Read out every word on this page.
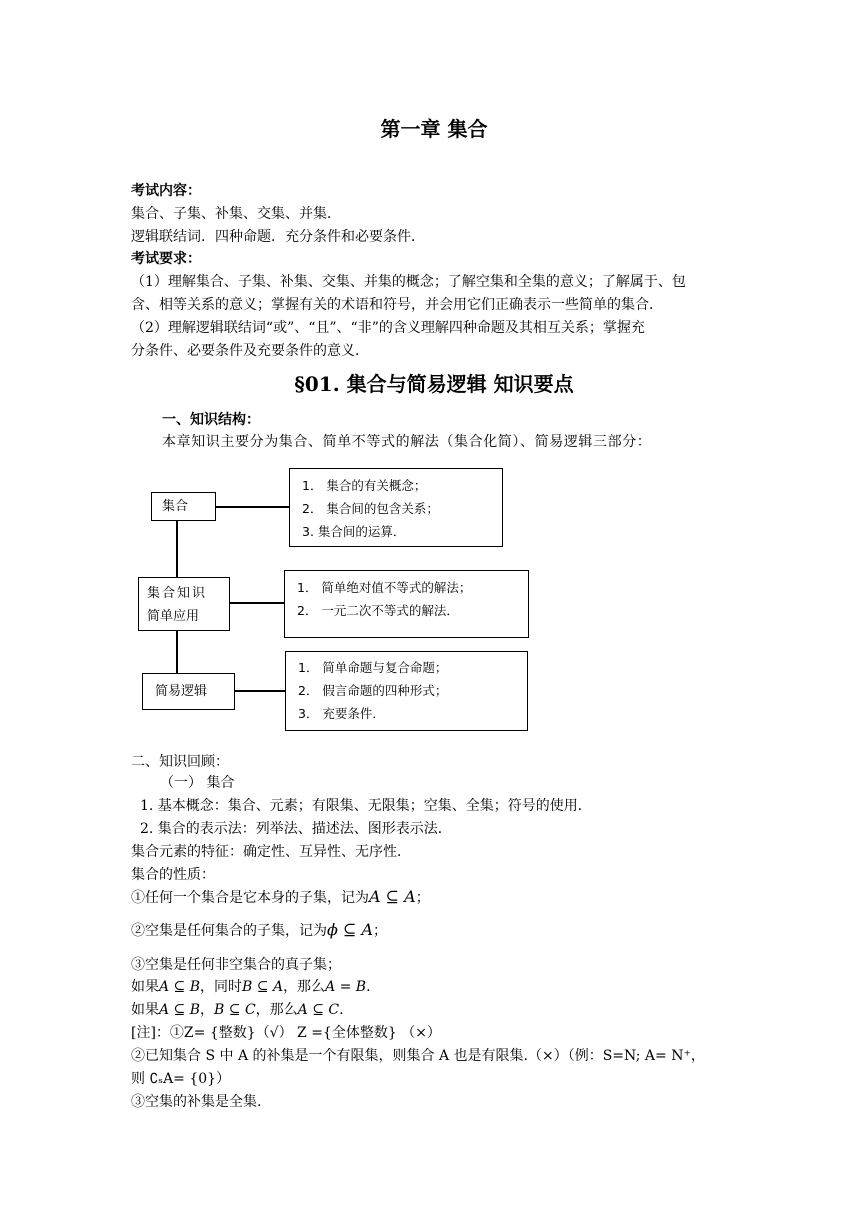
第一章 集合
考试内容：
集合、子集、补集、交集、并集．
逻辑联结词．四种命题．充分条件和必要条件．
考试要求：
（1）理解集合、子集、补集、交集、并集的概念；了解空集和全集的意义；了解属于、包
含、相等关系的意义；掌握有关的术语和符号，并会用它们正确表示一些简单的集合．
（2）理解逻辑联结词“或”、“且”、“非”的含义理解四种命题及其相互关系；掌握充
分条件、必要条件及充要条件的意义．
§01. 集合与简易逻辑 知识要点
一、知识结构：
本章知识主要分为集合、简单不等式的解法（集合化简）、简易逻辑三部分：
集合
1． 集合的有关概念；
2． 集合间的包含关系；
3. 集合间的运算．
集合知识
简单应用
1． 简单绝对值不等式的解法；
2． 一元二次不等式的解法．
简易逻辑
1． 简单命题与复合命题；
2． 假言命题的四种形式；
3． 充要条件．
二、知识回顾：
（一） 集合
1. 基本概念：集合、元素；有限集、无限集；空集、全集；符号的使用．
2. 集合的表示法：列举法、描述法、图形表示法．
集合元素的特征：确定性、互异性、无序性．
集合的性质：
①任何一个集合是它本身的子集，记为A ⊆ A；
②空集是任何集合的子集，记为ϕ ⊆ A；
③空集是任何非空集合的真子集；
如果A ⊆ B，同时B ⊆ A，那么A = B.
如果A ⊆ B，B ⊆ C，那么A ⊆ C.
[注]：①Z= {整数}（√） Z ={全体整数} （×）
②已知集合 S 中 A 的补集是一个有限集，则集合 A 也是有限集.（×）（例：S=N; A= N⁺，
则 ∁ₛA= {0}）
③空集的补集是全集.
